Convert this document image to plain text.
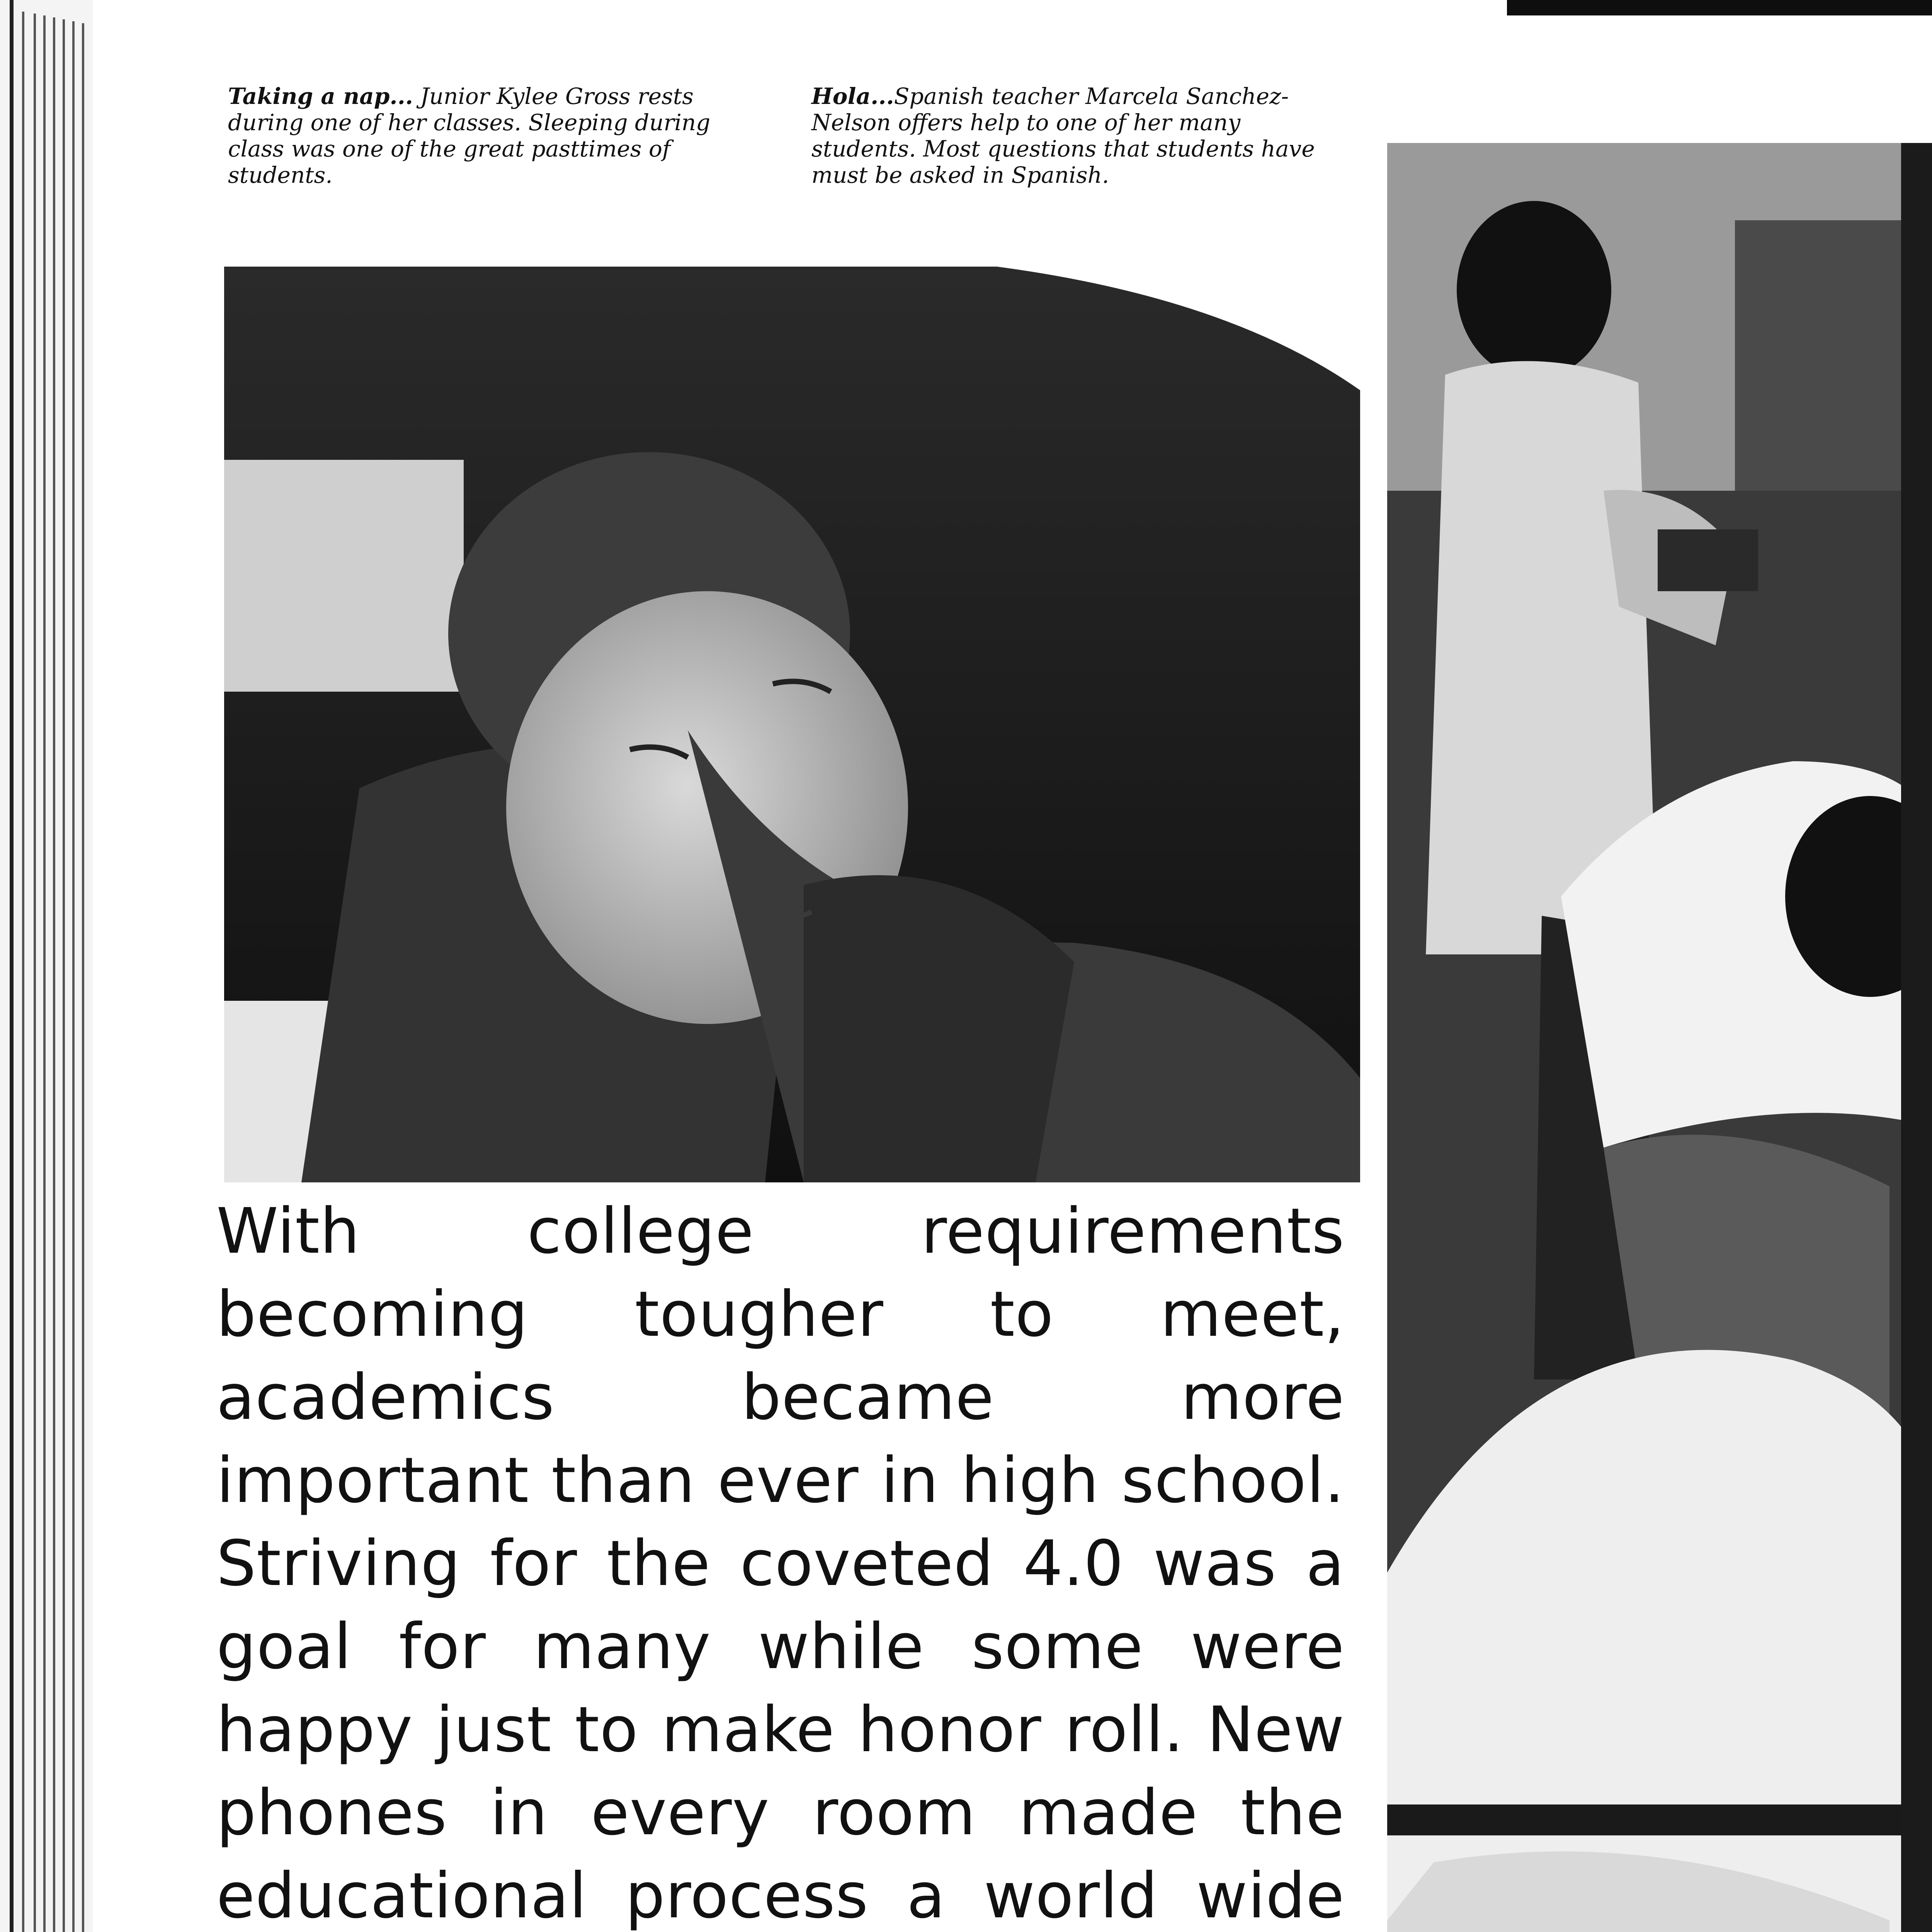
Taking a nap... Junior Kylee Gross rests during one of her classes. Sleeping during class was one of the great pasttimes of students.

Hola...Spanish teacher Marcela Sanchez-Nelson offers help to one of her many students. Most questions that students have must be asked in Spanish.

With college requirements becoming tougher to meet, academics became more important than ever in high school. Striving for the coveted 4.0 was a goal for many while some were happy just to make honor roll. New phones in every room made the educational process a world wide
